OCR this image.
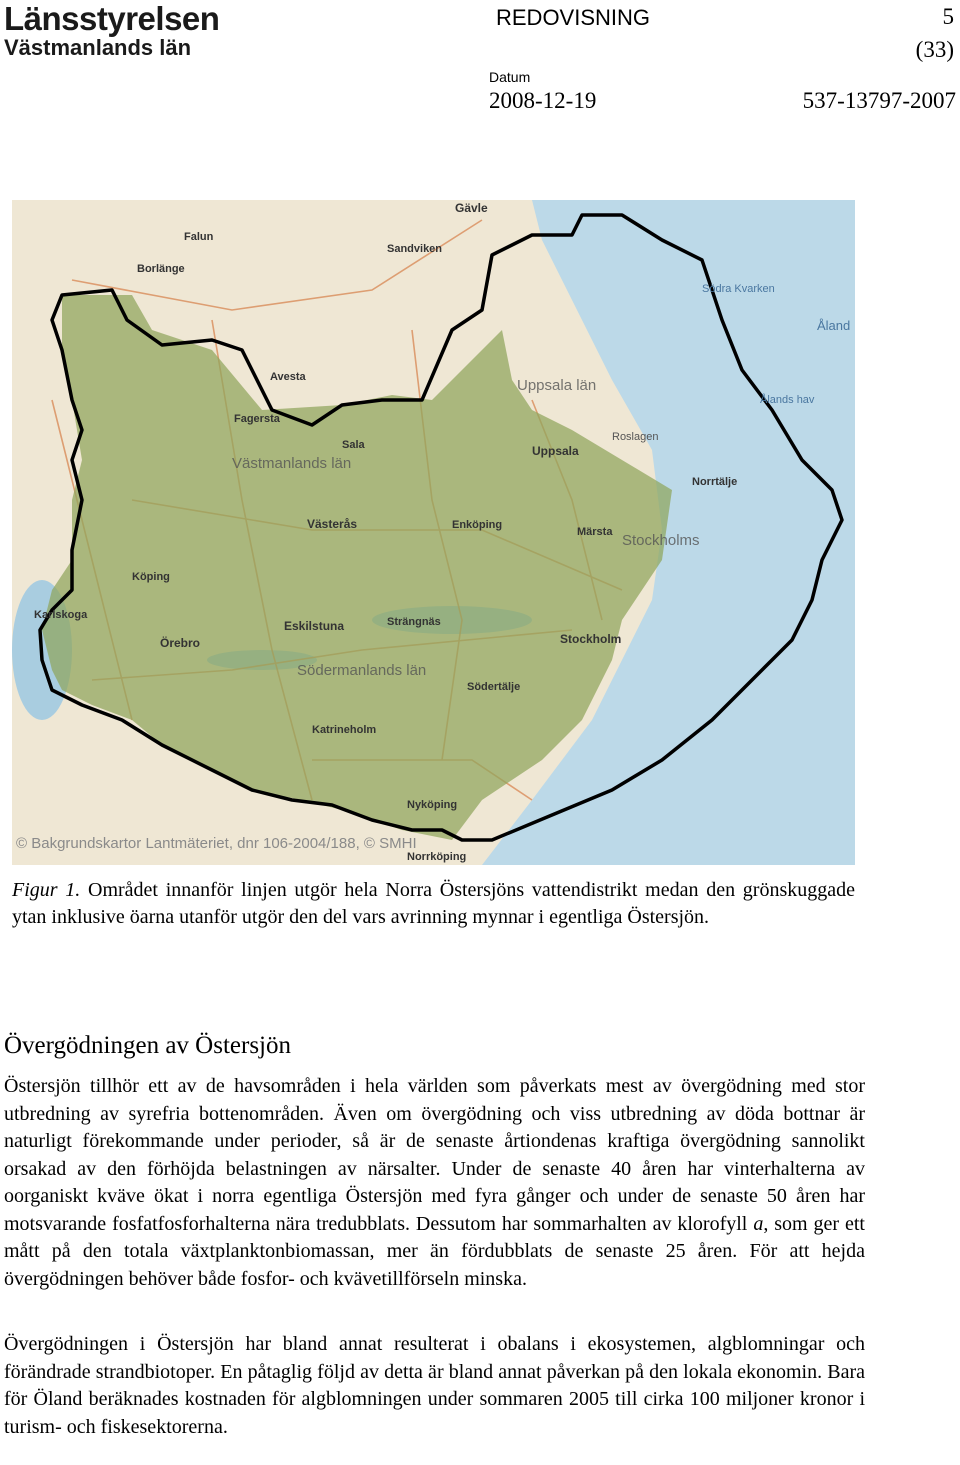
Länsstyrelsen
Västmanlands län
REDOVISNING	5
(33)
Datum
2008-12-19	537-13797-2007
Gävle
Falun
Borlänge
Sandviken
Södra Kvarken
Åland
Ålands hav
Uppsala län
Uppsala
Roslagen
Avesta
Fagersta
Sala
Västmanlands län
Västerås	Enköping
Norrtälje
Stockholms
Märsta
Köping
Örebro
Eskilstuna	Strängnäs
Stockholm
Södermanlands län
Södertälje
Nyköping
Katrineholm
Norrköping
Karlskoga
© Bakgrundskartor Lantmäteriet, dnr 106-2004/188, © SMHI
Figur 1. Området innanför linjen utgör hela Norra Östersjöns vattendistrikt medan den grönskuggade ytan inklusive öarna utanför utgör den del vars avrinning mynnar i egentliga Östersjön.
Övergödningen av Östersjön
Östersjön tillhör ett av de havsområden i hela världen som påverkats mest av övergödning med stor utbredning av syrefria bottenområden. Även om övergödning och viss utbredning av döda bottnar är naturligt förekommande under perioder, så är de senaste årtiondenas kraftiga övergödning sannolikt orsakad av den förhöjda belastningen av närsalter. Under de senaste 40 åren har vinterhalterna av oorganiskt kväve ökat i norra egentliga Östersjön med fyra gånger och under de senaste 50 åren har motsvarande fosfatfosforhalterna nära tredubblats. Dessutom har sommarhalten av klorofyll a, som ger ett mått på den totala växtplanktonbiomassan, mer än fördubblats de senaste 25 åren. För att hejda övergödningen behöver både fosfor- och kvävetillförseln minska.
Övergödningen i Östersjön har bland annat resulterat i obalans i ekosystemen, algblomningar och förändrade strandbiotoper. En påtaglig följd av detta är bland annat påverkan på den lokala ekonomin. Bara för Öland beräknades kostnaden för algblomningen under sommaren 2005 till cirka 100 miljoner kronor i turism- och fiskesektorerna.
